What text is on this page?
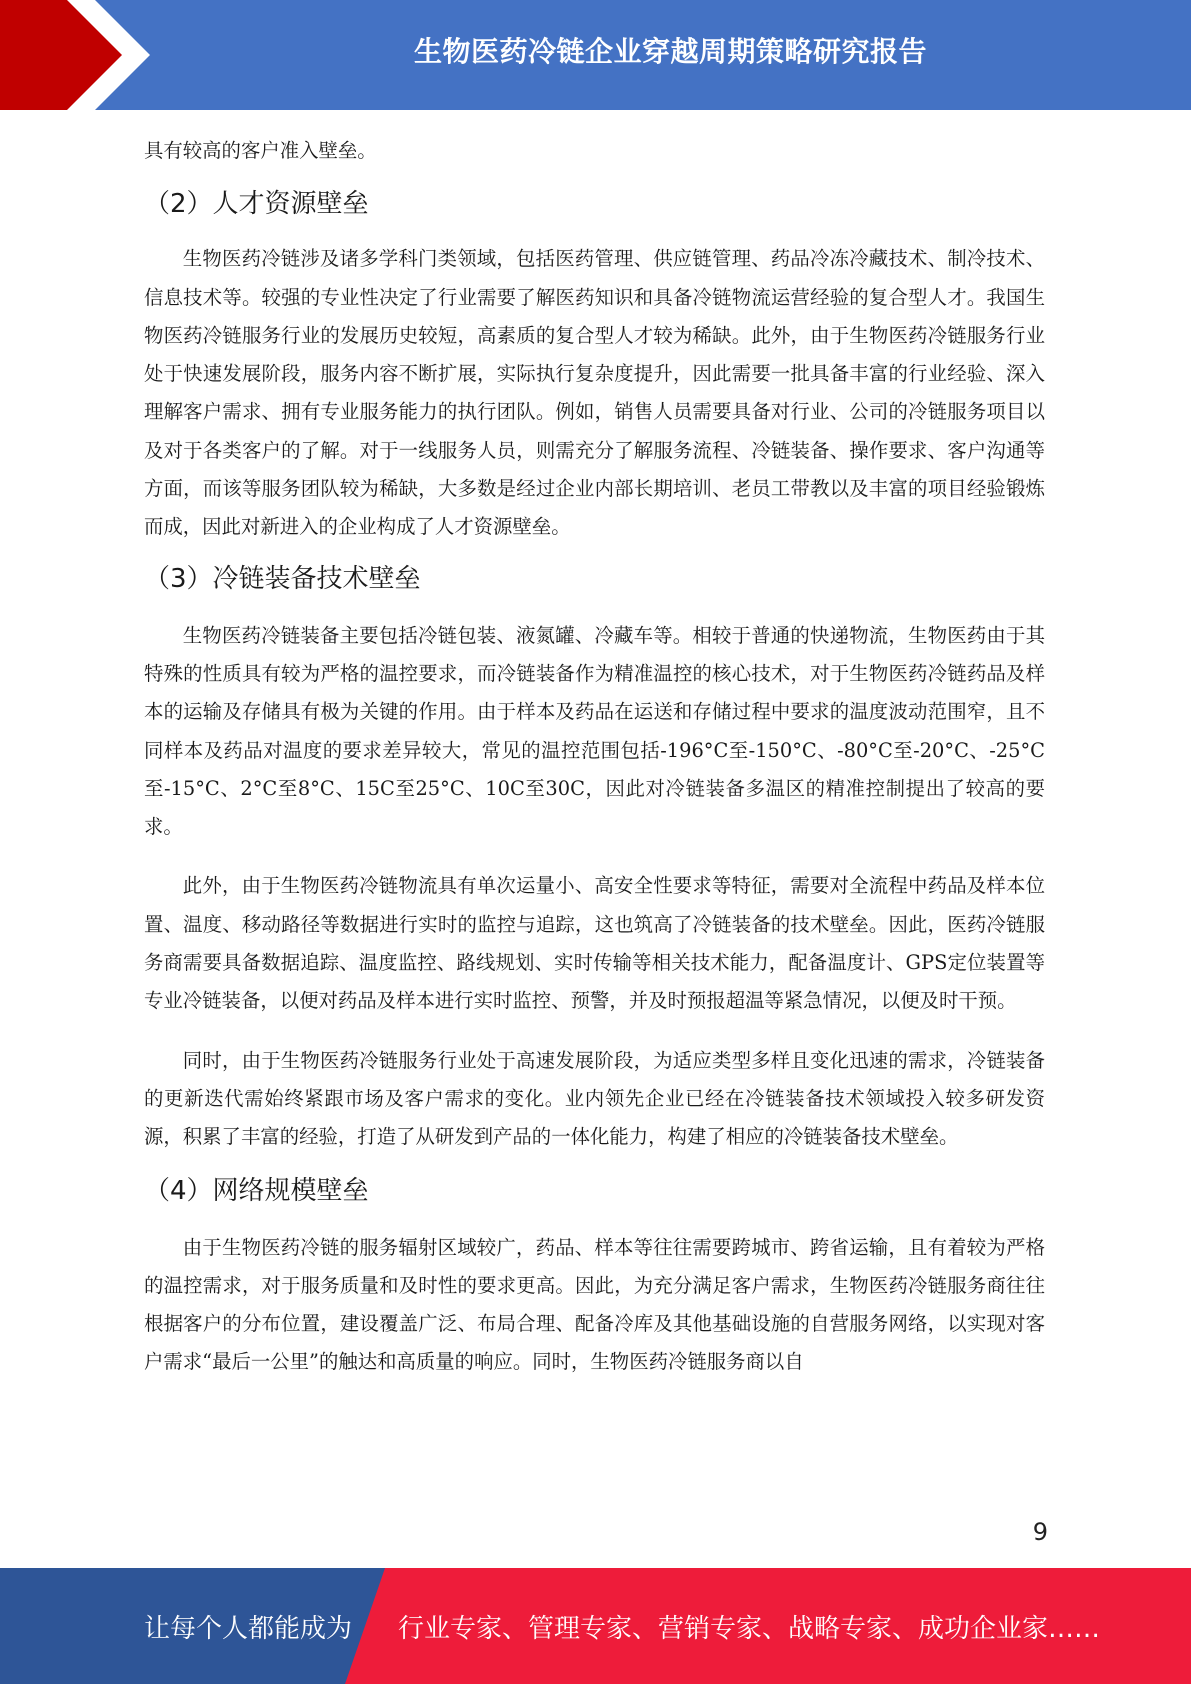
生物医药冷链企业穿越周期策略研究报告

具有较高的客户准入壁垒。

（2）人才资源壁垒

生物医药冷链涉及诸多学科门类领域，包括医药管理、供应链管理、药品冷冻冷藏技术、制冷技术、信息技术等。较强的专业性决定了行业需要了解医药知识和具备冷链物流运营经验的复合型人才。我国生物医药冷链服务行业的发展历史较短，高素质的复合型人才较为稀缺。此外，由于生物医药冷链服务行业处于快速发展阶段，服务内容不断扩展，实际执行复杂度提升，因此需要一批具备丰富的行业经验、深入理解客户需求、拥有专业服务能力的执行团队。例如，销售人员需要具备对行业、公司的冷链服务项目以及对于各类客户的了解。对于一线服务人员，则需充分了解服务流程、冷链装备、操作要求、客户沟通等方面，而该等服务团队较为稀缺，大多数是经过企业内部长期培训、老员工带教以及丰富的项目经验锻炼而成，因此对新进入的企业构成了人才资源壁垒。

（3）冷链装备技术壁垒

生物医药冷链装备主要包括冷链包装、液氮罐、冷藏车等。相较于普通的快递物流，生物医药由于其特殊的性质具有较为严格的温控要求，而冷链装备作为精准温控的核心技术，对于生物医药冷链药品及样本的运输及存储具有极为关键的作用。由于样本及药品在运送和存储过程中要求的温度波动范围窄，且不同样本及药品对温度的要求差异较大，常见的温控范围包括-196°C至-150°C、-80°C至-20°C、-25°C至-15°C、2°C至8°C、15C至25°C、10C至30C，因此对冷链装备多温区的精准控制提出了较高的要求。

此外，由于生物医药冷链物流具有单次运量小、高安全性要求等特征，需要对全流程中药品及样本位置、温度、移动路径等数据进行实时的监控与追踪，这也筑高了冷链装备的技术壁垒。因此，医药冷链服务商需要具备数据追踪、温度监控、路线规划、实时传输等相关技术能力，配备温度计、GPS定位装置等专业冷链装备，以便对药品及样本进行实时监控、预警，并及时预报超温等紧急情况，以便及时干预。

同时，由于生物医药冷链服务行业处于高速发展阶段，为适应类型多样且变化迅速的需求，冷链装备的更新迭代需始终紧跟市场及客户需求的变化。业内领先企业已经在冷链装备技术领域投入较多研发资源，积累了丰富的经验，打造了从研发到产品的一体化能力，构建了相应的冷链装备技术壁垒。

（4）网络规模壁垒

由于生物医药冷链的服务辐射区域较广，药品、样本等往往需要跨城市、跨省运输，且有着较为严格的温控需求，对于服务质量和及时性的要求更高。因此，为充分满足客户需求，生物医药冷链服务商往往根据客户的分布位置，建设覆盖广泛、布局合理、配备冷库及其他基础设施的自营服务网络，以实现对客户需求“最后一公里”的触达和高质量的响应。同时，生物医药冷链服务商以自

9
让每个人都能成为 行业专家、管理专家、营销专家、战略专家、成功企业家……
